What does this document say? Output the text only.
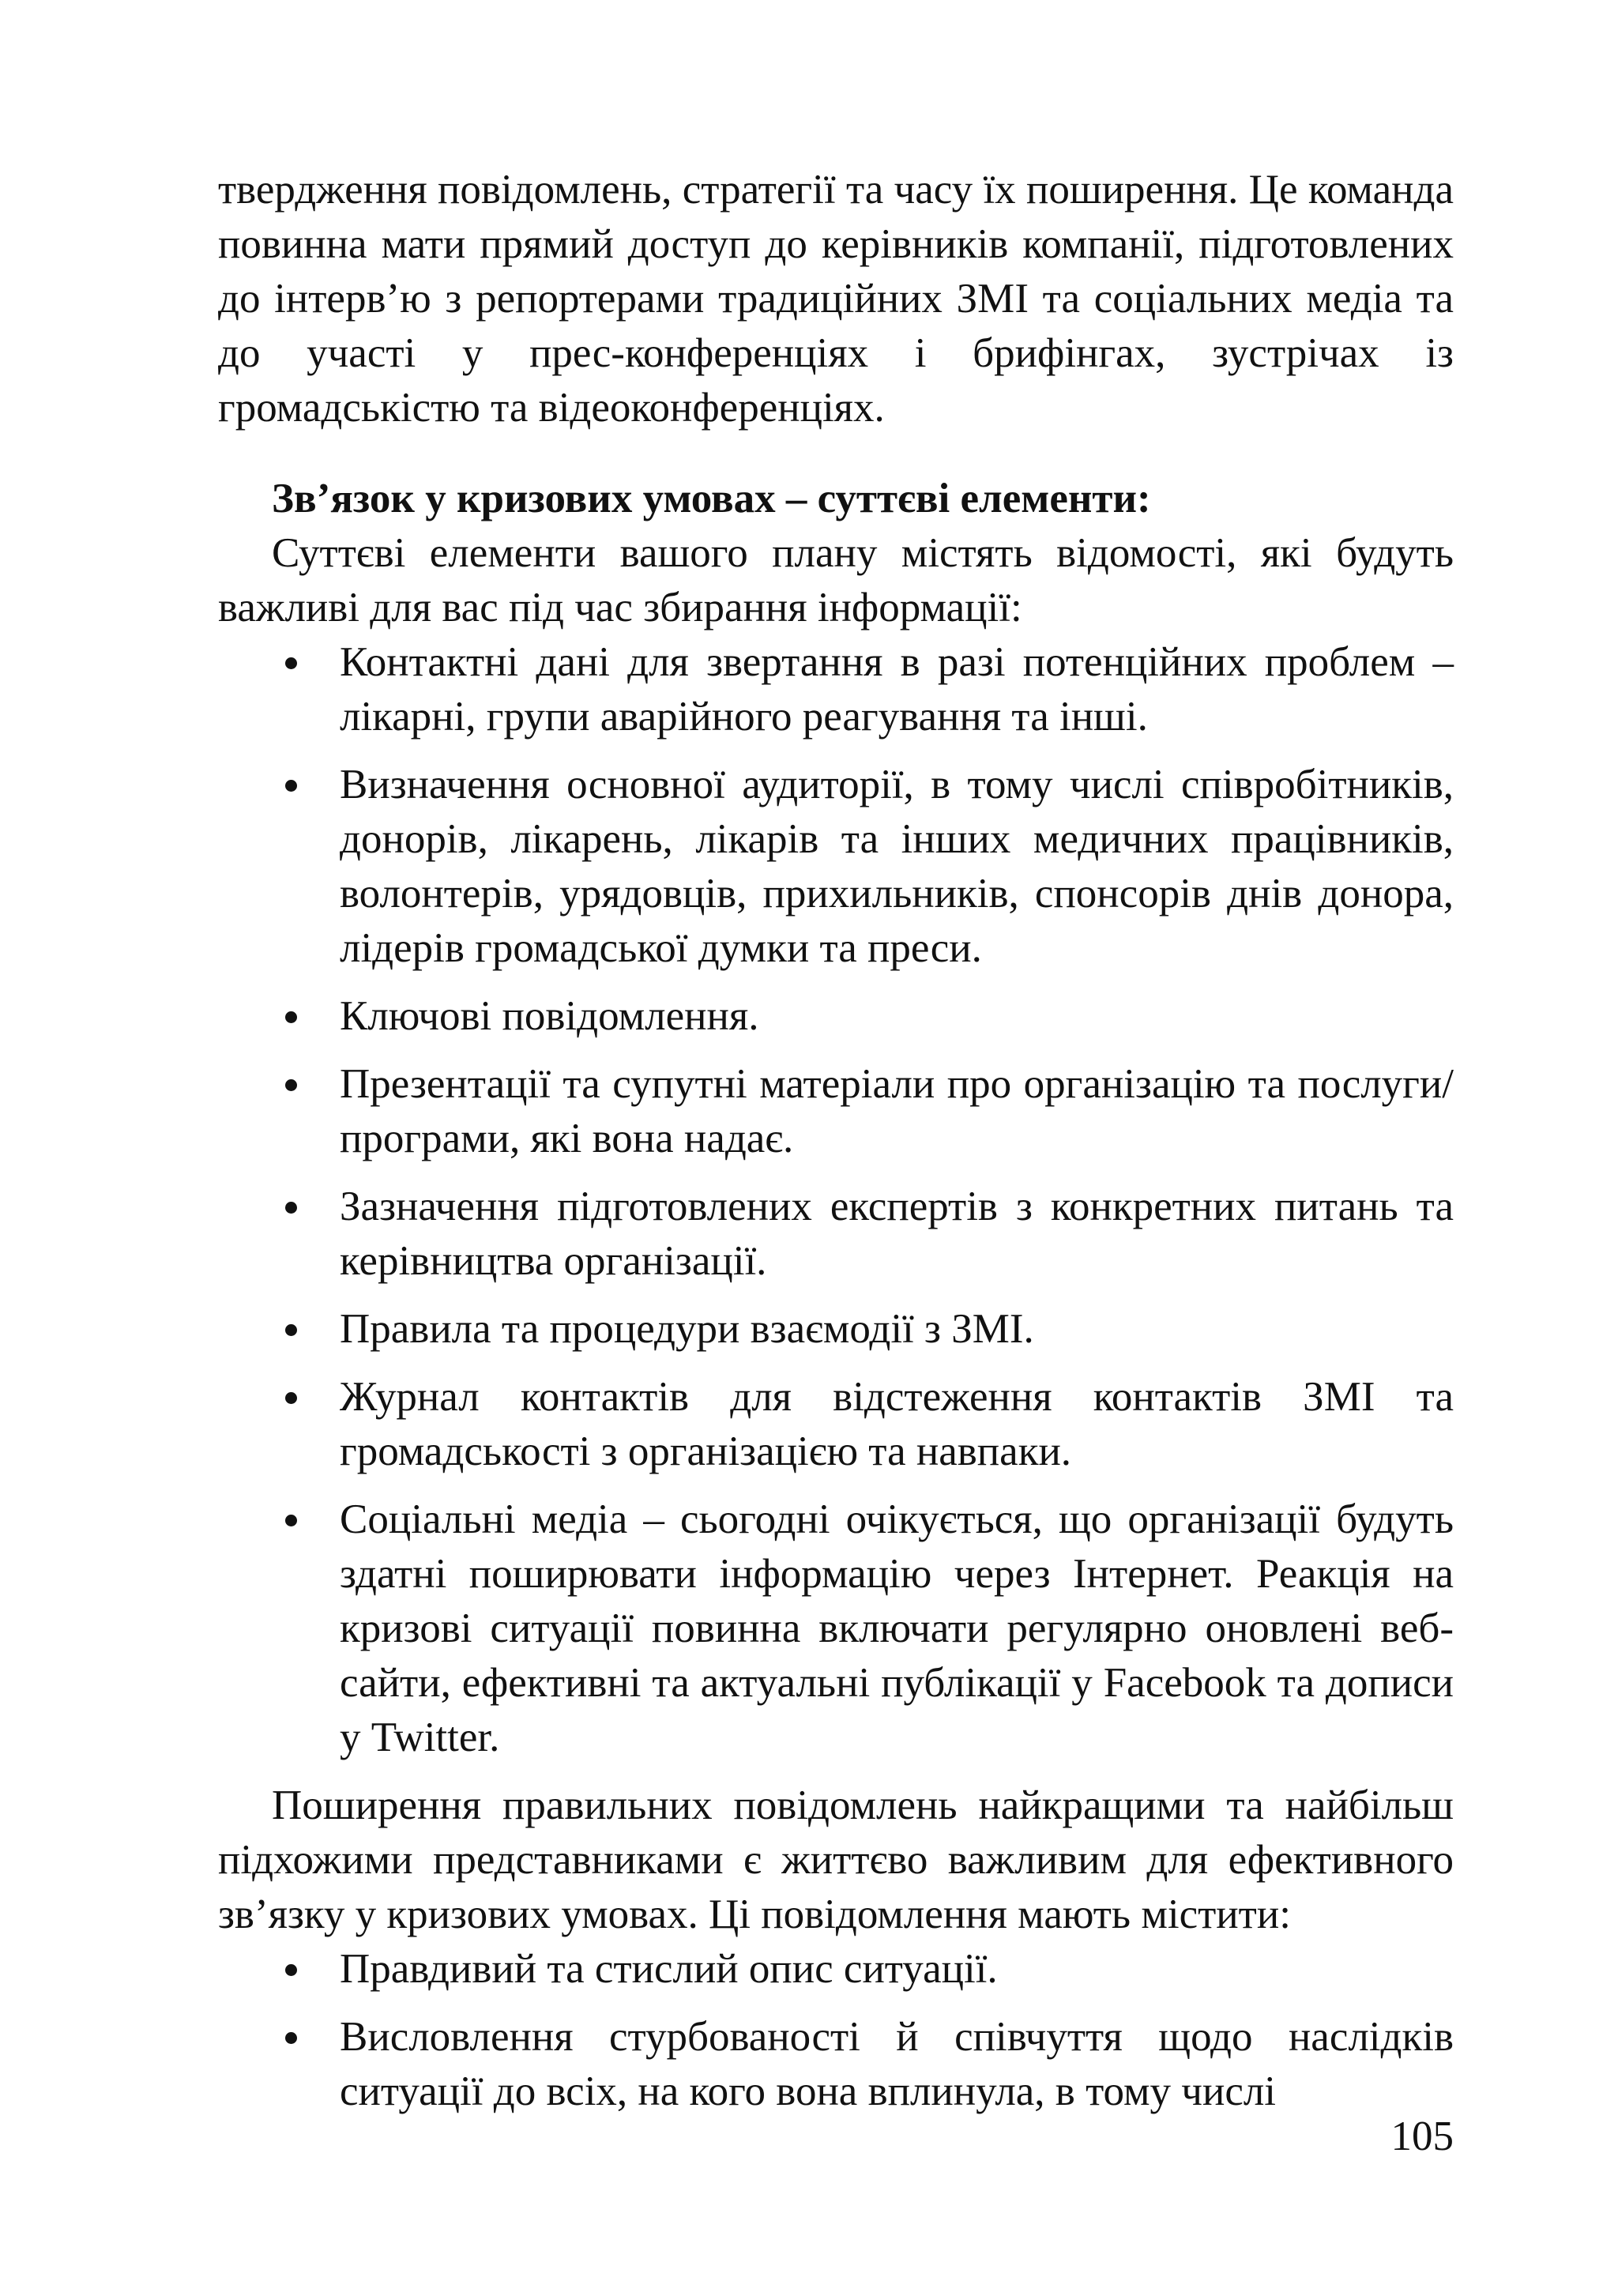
твердження повідомлень, стратегії та часу їх поширення. Це команда повинна мати прямий доступ до керівників компанії, підготовлених до інтерв’ю з репортерами традиційних ЗМІ та соціальних медіа та до участі у прес-конференціях і брифінгах, зустрічах із громадськістю та відеоконференціях.

Зв’язок у кризових умовах – суттєві елементи:

Суттєві елементи вашого плану містять відомості, які будуть важливі для вас під час збирання інформації:

Контактні дані для звертання в разі потенційних проблем – лікарні, групи аварійного реагування та інші.
Визначення основної аудиторії, в тому числі співробітників, донорів, лікарень, лікарів та інших медичних працівників, волонтерів, урядовців, прихильників, спонсорів днів донора, лідерів громадської думки та преси.
Ключові повідомлення.
Презентації та супутні матеріали про організацію та послуги/програми, які вона надає.
Зазначення підготовлених експертів з конкретних питань та керівництва організації.
Правила та процедури взаємодії з ЗМІ.
Журнал контактів для відстеження контактів ЗМІ та громадськості з організацією та навпаки.
Соціальні медіа – сьогодні очікується, що організації будуть здатні поширювати інформацію через Інтернет. Реакція на кризові ситуації повинна включати регулярно оновлені веб-сайти, ефективні та актуальні публікації у Facebook та дописи у Twitter.

Поширення правильних повідомлень найкращими та найбільш підхожими представниками є життєво важливим для ефективного зв’язку у кризових умовах. Ці повідомлення мають містити:

Правдивий та стислий опис ситуації.
Висловлення стурбованості й співчуття щодо наслідків ситуації до всіх, на кого вона вплинула, в тому числі
105
